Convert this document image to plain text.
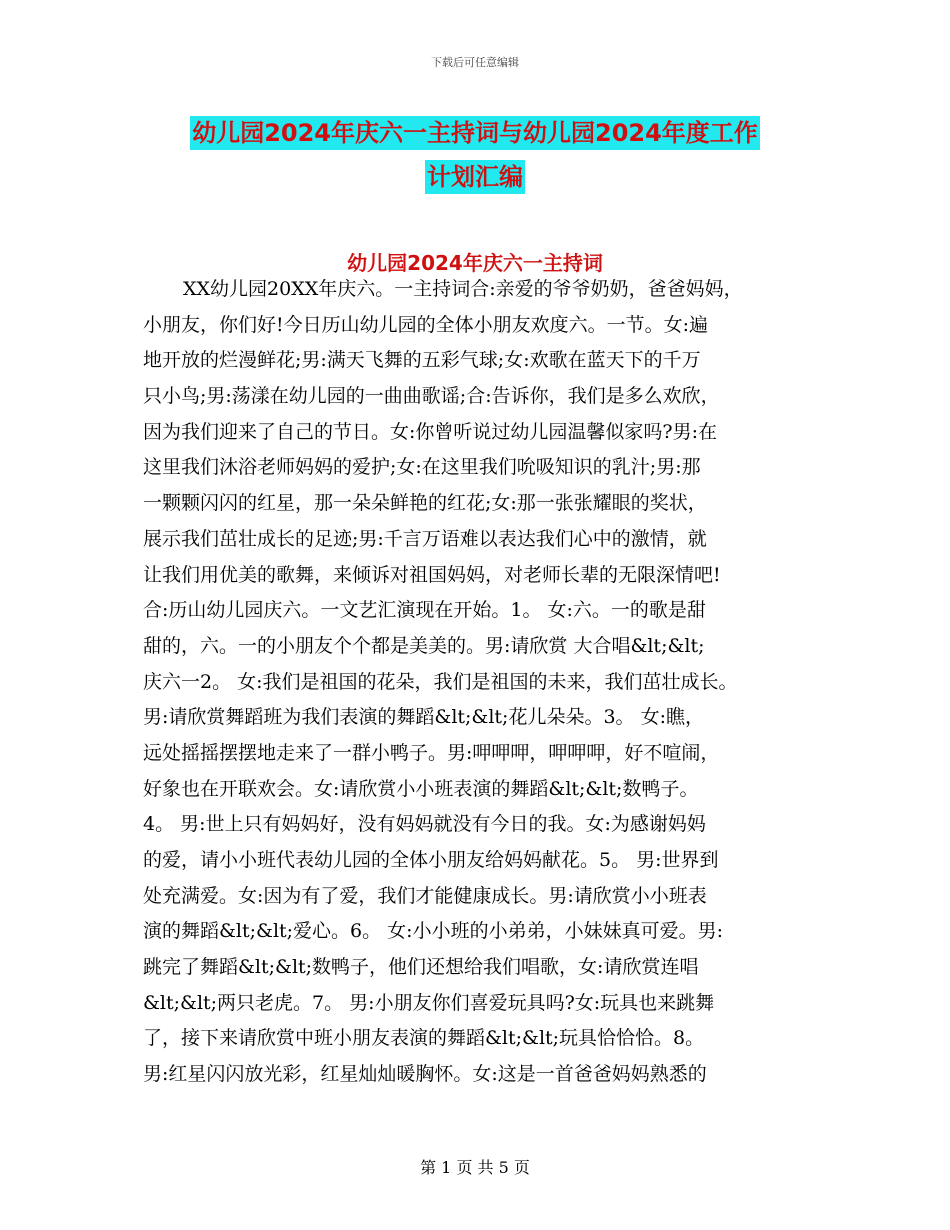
下载后可任意编辑
幼儿园2024年庆六一主持词与幼儿园2024年度工作
计划汇编
幼儿园2024年庆六一主持词
XX幼儿园20XX年庆六。一主持词合:亲爱的爷爷奶奶，爸爸妈妈，
小朋友，你们好!今日历山幼儿园的全体小朋友欢度六。一节。女:遍
地开放的烂漫鲜花;男:满天飞舞的五彩气球;女:欢歌在蓝天下的千万
只小鸟;男:荡漾在幼儿园的一曲曲歌谣;合:告诉你，我们是多么欢欣，
因为我们迎来了自己的节日。女:你曾听说过幼儿园温馨似家吗?男:在
这里我们沐浴老师妈妈的爱护;女:在这里我们吮吸知识的乳汁;男:那
一颗颗闪闪的红星，那一朵朵鲜艳的红花;女:那一张张耀眼的奖状，
展示我们茁壮成长的足迹;男:千言万语难以表达我们心中的激情，就
让我们用优美的歌舞，来倾诉对祖国妈妈，对老师长辈的无限深情吧!
合:历山幼儿园庆六。一文艺汇演现在开始。1。 女:六。一的歌是甜
甜的，六。一的小朋友个个都是美美的。男:请欣赏 大合唱&lt;&lt;
庆六一2。 女:我们是祖国的花朵，我们是祖国的未来，我们茁壮成长。
男:请欣赏舞蹈班为我们表演的舞蹈&lt;&lt;花儿朵朵。3。 女:瞧，
远处摇摇摆摆地走来了一群小鸭子。男:呷呷呷，呷呷呷，好不喧闹，
好象也在开联欢会。女:请欣赏小小班表演的舞蹈&lt;&lt;数鸭子。
4。 男:世上只有妈妈好，没有妈妈就没有今日的我。女:为感谢妈妈
的爱，请小小班代表幼儿园的全体小朋友给妈妈献花。5。 男:世界到
处充满爱。女:因为有了爱，我们才能健康成长。男:请欣赏小小班表
演的舞蹈&lt;&lt;爱心。6。 女:小小班的小弟弟，小妹妹真可爱。男:
跳完了舞蹈&lt;&lt;数鸭子，他们还想给我们唱歌，女:请欣赏连唱
&lt;&lt;两只老虎。7。 男:小朋友你们喜爱玩具吗?女:玩具也来跳舞
了，接下来请欣赏中班小朋友表演的舞蹈&lt;&lt;玩具恰恰恰。8。
男:红星闪闪放光彩，红星灿灿暖胸怀。女:这是一首爸爸妈妈熟悉的
第 1 页 共 5 页
